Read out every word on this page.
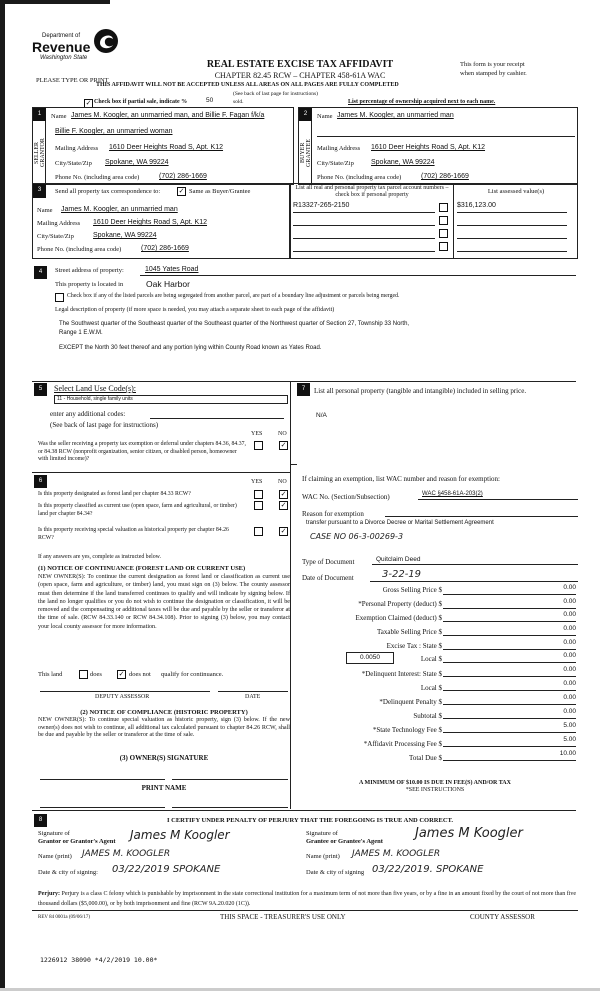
Department of
Revenue
Washington State
PLEASE TYPE OR PRINT
REAL ESTATE EXCISE TAX AFFIDAVIT
CHAPTER 82.45 RCW – CHAPTER 458-61A WAC
This form is your receipt
when stamped by cashier.
THIS AFFIDAVIT WILL NOT BE ACCEPTED UNLESS ALL AREAS ON ALL PAGES ARE FULLY COMPLETED
(See back of last page for instructions)
✓
Check box if partial sale, indicate %	50	sold.	List percentage of ownership acquired next to each name.
1
SELLER GRANTOR
Name James M. Koogler, an unmarried man, and Billie F. Fagan f/k/a
Billie F. Koogler, an unmarried woman
Mailing Address 1610 Deer Heights Road S, Apt. K12
City/State/Zip Spokane, WA 99224
Phone No. (including area code)	(702) 286-1669
2
BUYER GRANTEE
Name James M. Koogler, an unmarried man
Mailing Address 1610 Deer Heights Road S, Apt. K12
City/State/Zip Spokane, WA 99224
Phone No. (including area code)	(702) 286-1669
3	Send all property tax correspondence to: ✓	Same as Buyer/Grantee
Name James M. Koogler, an unmarried man
Mailing Address 1610 Deer Heights Road S, Apt. K12
City/State/Zip	Spokane, WA 99224
Phone No. (including area code)	(702) 286-1669
List all real and personal property tax parcel account numbers – check box if personal property	List assessed value(s)
R13327-265-2150	$316,123.00
4	Street address of property:	1045 Yates Road
This property is located in	Oak Harbor
Check box if any of the listed parcels are being segregated from another parcel, are part of a boundary line adjustment or parcels being merged.
Legal description of property (if more space is needed, you may attach a separate sheet to each page of the affidavit)
The Southwest quarter of the Southeast quarter of the Southeast quarter of the Northwest quarter of Section 27, Township 33 North,
Range 1 E.W.M.
EXCEPT the North 30 feet thereof and any portion lying within County Road known as Yates Road.
5	Select Land Use Code(s):
11 - Household, single family units
enter any additional codes:
(See back of last page for instructions)
YES	NO
Was the seller receiving a property tax exemption or deferral under chapters 84.36, 84.37, or 84.38 RCW (nonprofit organization, senior citizen, or disabled person, homeowner with limited income)?
✓
6	YES	NO
Is this property designated as forest land per chapter 84.33 RCW?
✓
Is this property classified as current use (open space, farm and agricultural, or timber) land per chapter 84.34?
✓
Is this property receiving special valuation as historical property per chapter 84.26 RCW?
✓
If any answers are yes, complete as instructed below.
(1) NOTICE OF CONTINUANCE (FOREST LAND OR CURRENT USE)
NEW OWNER(S): To continue the current designation as forest land or classification as current use (open space, farm and agriculture, or timber) land, you must sign on (3) below. The county assessor must then determine if the land transferred continues to qualify and will indicate by signing below. If the land no longer qualifies or you do not wish to continue the designation or classification, it will be removed and the compensating or additional taxes will be due and payable by the seller or transferor at the time of sale. (RCW 84.33.140 or RCW 84.34.108). Prior to signing (3) below, you may contact your local county assessor for more information.
This land	does ✓	does not qualify for continuance.
DEPUTY ASSESSOR	DATE
(2) NOTICE OF COMPLIANCE (HISTORIC PROPERTY)
NEW OWNER(S): To continue special valuation as historic property, sign (3) below. If the new owner(s) does not wish to continue, all additional tax calculated pursuant to chapter 84.26 RCW, shall be due and payable by the seller or transferor at the time of sale.
(3) OWNER(S) SIGNATURE
PRINT NAME
7	List all personal property (tangible and intangible) included in selling price.
N/A
If claiming an exemption, list WAC number and reason for exemption:
WAC No. (Section/Subsection)	WAC §458-61A-203(2)
Reason for exemption
transfer pursuant to a Divorce Decree or Marital Settlement Agreement
CASE NO 06-3-00269-3
Type of Document	Quitclaim Deed
Date of Document	3-22-19
Gross Selling Price $	0.00
*Personal Property (deduct) $	0.00
Exemption Claimed (deduct) $	0.00
Taxable Selling Price $	0.00
Excise Tax : State $	0.00
0.0050	Local $	0.00
*Delinquent Interest: State $
0.00
Local $
0.00
*Delinquent Penalty $
0.00
Subtotal $
0.00
*State Technology Fee $
5.00
*Affidavit Processing Fee $
5.00
Total Due $
10.00
A MINIMUM OF $10.00 IS DUE IN FEE(S) AND/OR TAX
*SEE INSTRUCTIONS
8	I CERTIFY UNDER PENALTY OF PERJURY THAT THE FOREGOING IS TRUE AND CORRECT.
Signature of
Grantor or Grantor's Agent James M Koogler
Name (print) JAMES M. KOOGLER
Date & city of signing: 03/22/2019 SPOKANE
Signature of
Grantee or Grantee's Agent
James M Koogler
Name (print) JAMES M. KOOGLER
Date & city of signing 03/22/2019. SPOKANE
Perjury: Perjury is a class C felony which is punishable by imprisonment in the state correctional institution for a maximum term of not more than five years, or by a fine in an amount fixed by the court of not more than five thousand dollars ($5,000.00), or by both imprisonment and fine (RCW 9A.20.020 (1C)).
REV 84 0001a (09/06/17)	THIS SPACE - TREASURER'S USE ONLY	COUNTY ASSESSOR
1226912 38090 *4/2/2019 10.00*
